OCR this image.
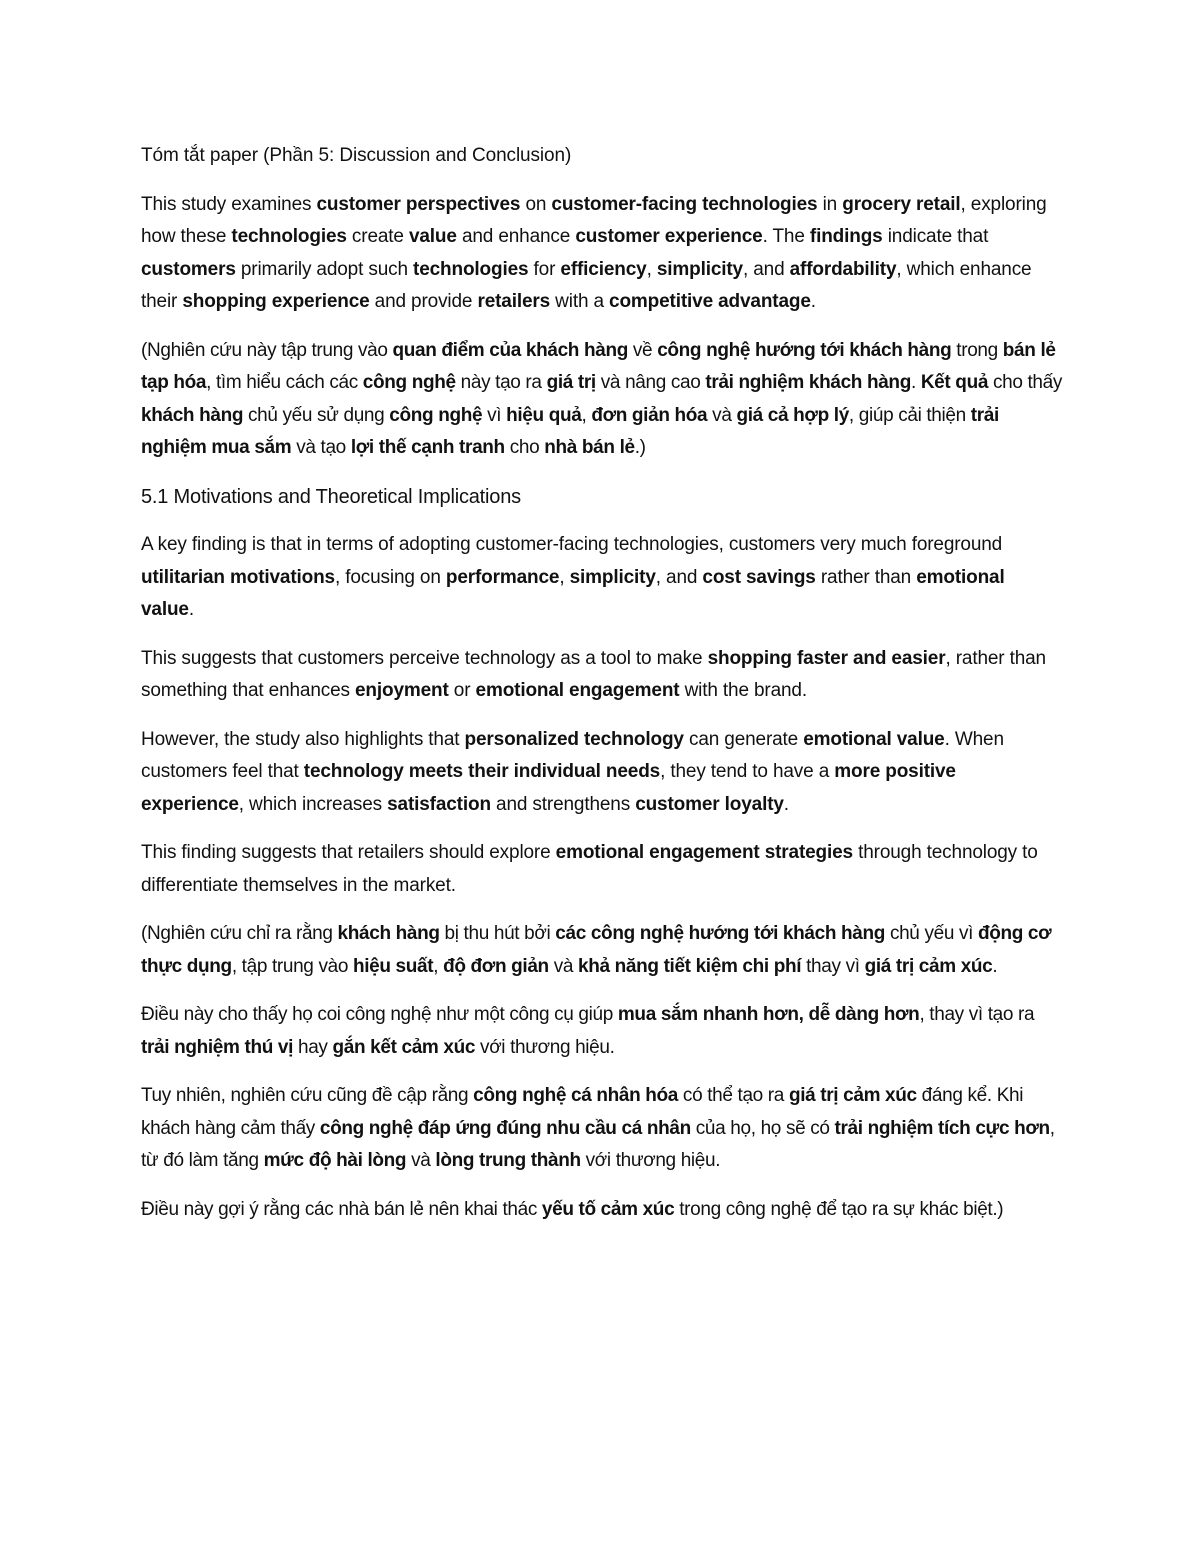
Tóm tắt paper (Phần 5: Discussion and Conclusion)

This study examines customer perspectives on customer-facing technologies in grocery retail, exploring how these technologies create value and enhance customer experience. The findings indicate that customers primarily adopt such technologies for efficiency, simplicity, and affordability, which enhance their shopping experience and provide retailers with a competitive advantage.

(Nghiên cứu này tập trung vào quan điểm của khách hàng về công nghệ hướng tới khách hàng trong bán lẻ tạp hóa, tìm hiểu cách các công nghệ này tạo ra giá trị và nâng cao trải nghiệm khách hàng. Kết quả cho thấy khách hàng chủ yếu sử dụng công nghệ vì hiệu quả, đơn giản hóa và giá cả hợp lý, giúp cải thiện trải nghiệm mua sắm và tạo lợi thế cạnh tranh cho nhà bán lẻ.)

5.1 Motivations and Theoretical Implications

A key finding is that in terms of adopting customer-facing technologies, customers very much foreground utilitarian motivations, focusing on performance, simplicity, and cost savings rather than emotional value.

This suggests that customers perceive technology as a tool to make shopping faster and easier, rather than something that enhances enjoyment or emotional engagement with the brand.

However, the study also highlights that personalized technology can generate emotional value. When customers feel that technology meets their individual needs, they tend to have a more positive experience, which increases satisfaction and strengthens customer loyalty.

This finding suggests that retailers should explore emotional engagement strategies through technology to differentiate themselves in the market.

(Nghiên cứu chỉ ra rằng khách hàng bị thu hút bởi các công nghệ hướng tới khách hàng chủ yếu vì động cơ thực dụng, tập trung vào hiệu suất, độ đơn giản và khả năng tiết kiệm chi phí thay vì giá trị cảm xúc.

Điều này cho thấy họ coi công nghệ như một công cụ giúp mua sắm nhanh hơn, dễ dàng hơn, thay vì tạo ra trải nghiệm thú vị hay gắn kết cảm xúc với thương hiệu.

Tuy nhiên, nghiên cứu cũng đề cập rằng công nghệ cá nhân hóa có thể tạo ra giá trị cảm xúc đáng kể. Khi khách hàng cảm thấy công nghệ đáp ứng đúng nhu cầu cá nhân của họ, họ sẽ có trải nghiệm tích cực hơn, từ đó làm tăng mức độ hài lòng và lòng trung thành với thương hiệu.

Điều này gợi ý rằng các nhà bán lẻ nên khai thác yếu tố cảm xúc trong công nghệ để tạo ra sự khác biệt.)
